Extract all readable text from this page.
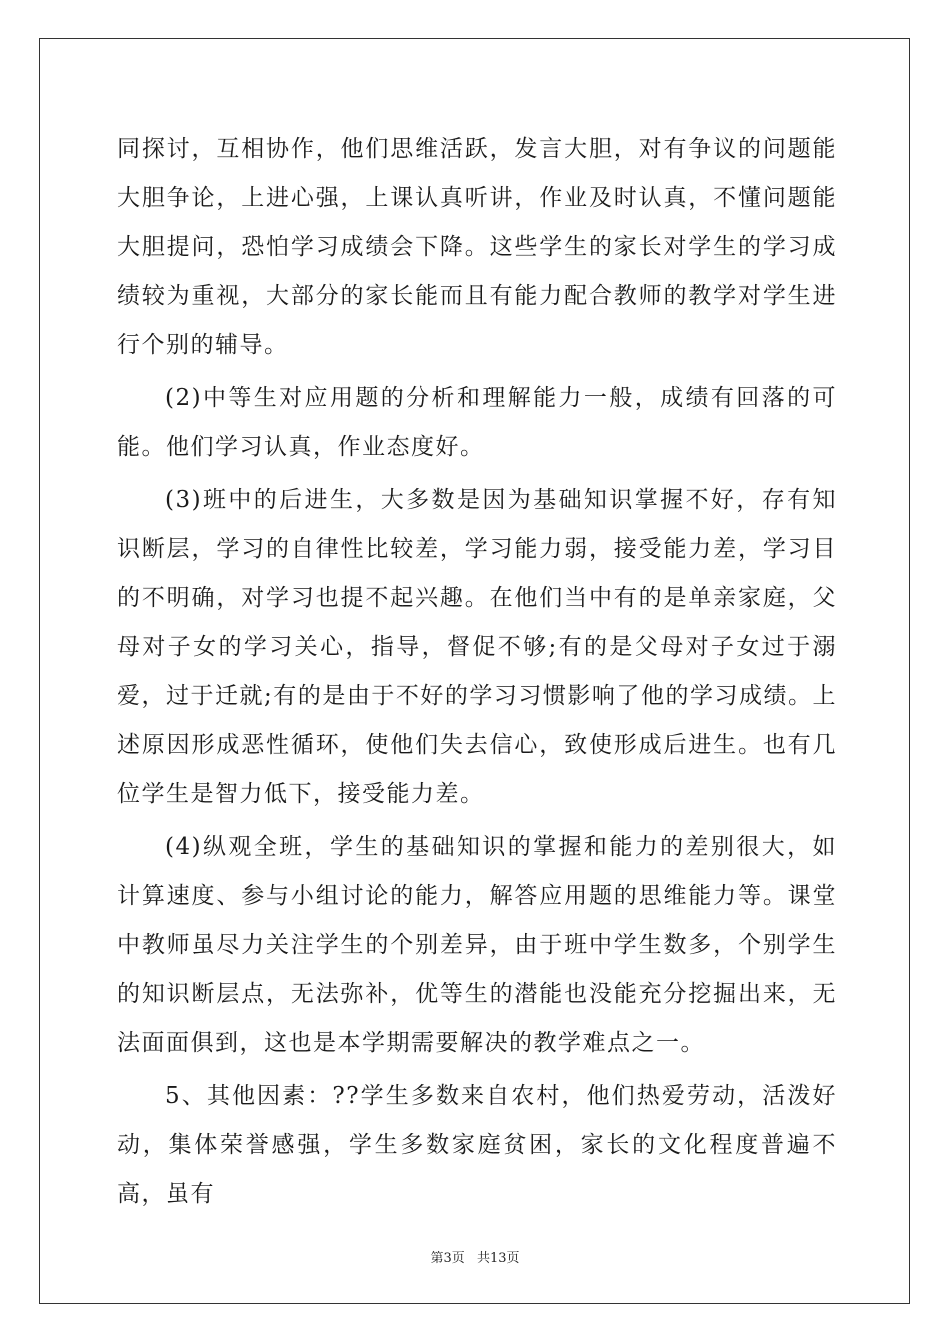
同探讨，互相协作，他们思维活跃，发言大胆，对有争议的问题能大胆争论，上进心强，上课认真听讲，作业及时认真，不懂问题能大胆提问，恐怕学习成绩会下降。这些学生的家长对学生的学习成绩较为重视，大部分的家长能而且有能力配合教师的教学对学生进行个别的辅导。

(2)中等生对应用题的分析和理解能力一般，成绩有回落的可能。他们学习认真，作业态度好。

(3)班中的后进生，大多数是因为基础知识掌握不好，存有知识断层，学习的自律性比较差，学习能力弱，接受能力差，学习目的不明确，对学习也提不起兴趣。在他们当中有的是单亲家庭，父母对子女的学习关心，指导，督促不够;有的是父母对子女过于溺爱，过于迁就;有的是由于不好的学习习惯影响了他的学习成绩。上述原因形成恶性循环，使他们失去信心，致使形成后进生。也有几位学生是智力低下，接受能力差。

(4)纵观全班，学生的基础知识的掌握和能力的差别很大，如计算速度、参与小组讨论的能力，解答应用题的思维能力等。课堂中教师虽尽力关注学生的个别差异，由于班中学生数多，个别学生的知识断层点，无法弥补，优等生的潜能也没能充分挖掘出来，无法面面俱到，这也是本学期需要解决的教学难点之一。

5、其他因素：??学生多数来自农村，他们热爱劳动，活泼好动，集体荣誉感强，学生多数家庭贫困，家长的文化程度普遍不高，虽有

第3页 共13页
